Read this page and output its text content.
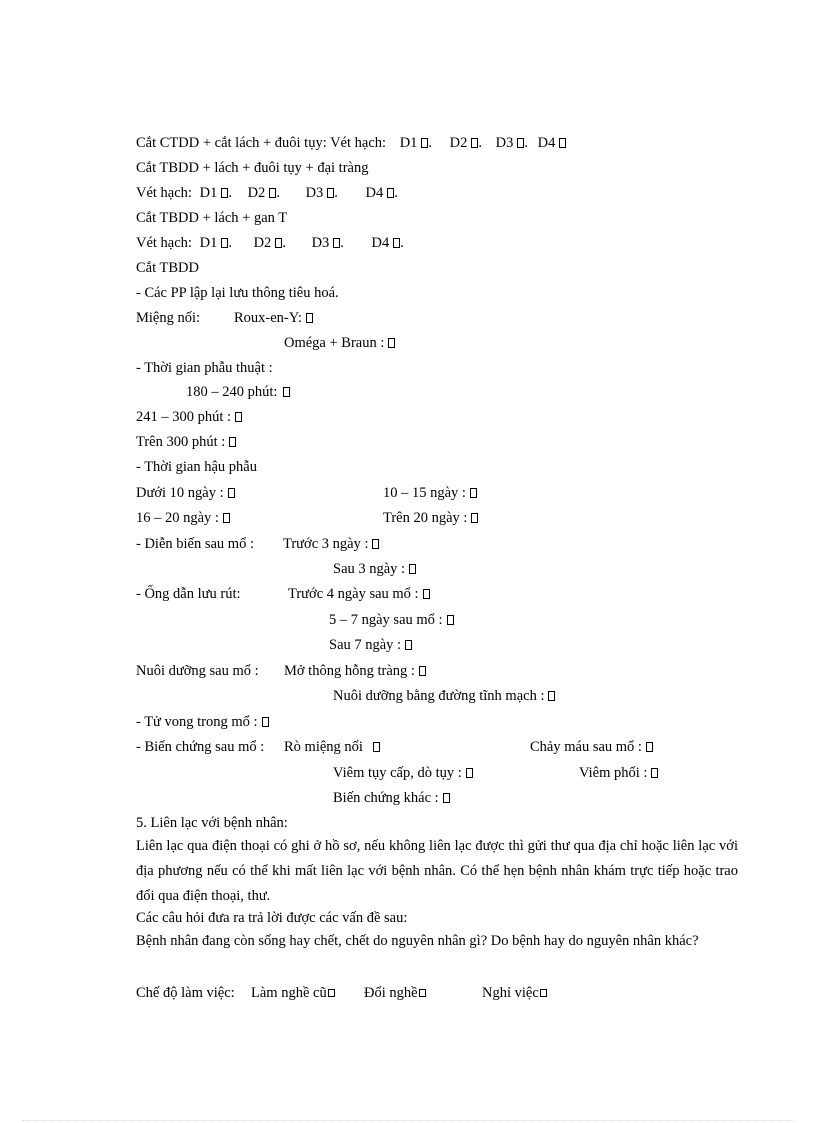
Cắt CTDD + cắt lách + đuôi tụy: Vét hạch: D1 . D2 . D3 . D4
Cắt TBDD + lách + đuôi tụy + đại tràng
Vét hạch: D1 . D2 . D3 . D4 .
Cắt TBDD + lách + gan T
Vét hạch: D1 . D2 . D3 . D4 .
Cắt TBDD
- Các PP lập lại lưu thông tiêu hoá.
Miệng nối: Roux-en-Y:
Oméga + Braun :
- Thời gian phẫu thuật :
180 – 240 phút:
241 – 300 phút :
Trên 300 phút :
- Thời gian hậu phẫu
Dưới 10 ngày :	10 – 15 ngày :
16 – 20 ngày :	Trên 20 ngày :
- Diễn biến sau mổ : Trước 3 ngày :
Sau 3 ngày :
- Ống dẫn lưu rút:	Trước 4 ngày sau mổ :
5 – 7 ngày sau mổ :
Sau 7 ngày :
Nuôi dưỡng sau mổ : Mở thông hỗng tràng :
Nuôi dưỡng bằng đường tĩnh mạch :
- Tử vong trong mổ :
- Biến chứng sau mổ : Rò miệng nối	Chảy máu sau mổ :
Viêm tụy cấp, dò tụy :	Viêm phổi :
Biến chứng khác :
5. Liên lạc với bệnh nhân:
Liên lạc qua điện thoại có ghi ở hồ sơ, nếu không liên lạc được thì gửi thư qua địa chỉ hoặc liên lạc với địa phương nếu có thể khi mất liên lạc với bệnh nhân. Có thể hẹn bệnh nhân khám trực tiếp hoặc trao đổi qua điện thoại, thư.
Các câu hỏi đưa ra trả lời được các vấn đề sau:
Bệnh nhân đang còn sống hay chết, chết do nguyên nhân gì? Do bệnh hay do nguyên nhân khác?
Chế độ làm việc: Làm nghề cũ	Đổi nghề	Nghỉ việc
